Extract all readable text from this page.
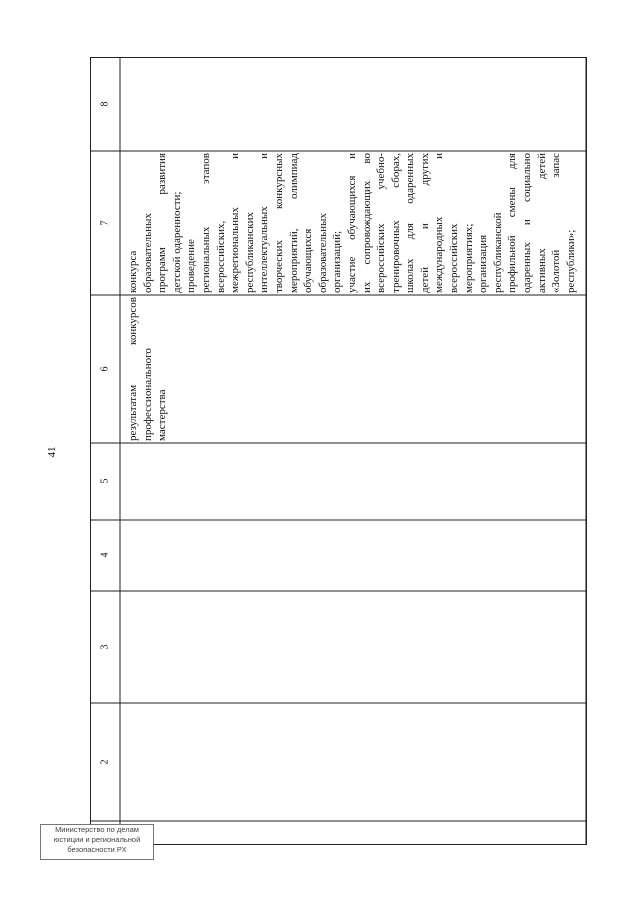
41
8
7
6
5
4
3
2
результатам конкурсов профессионального мастерства
конкурса образовательных программ развития детской одаренности; проведение региональных этапов всероссийских, межрегиональных и республиканских интеллектуальных и творческих конкурсных мероприятий, олимпиад обучающихся образовательных организаций; участие обучающихся и их сопровождающих во всероссийских учебно- тренировочных сборах, школах для одаренных детей и других международных и всероссийских мероприятиях; организация республиканской профильной смены для одаренных и социально активных детей «Золотой запас республики»;
Министерство по делам
юстиции и региональной
безопасности РХ
